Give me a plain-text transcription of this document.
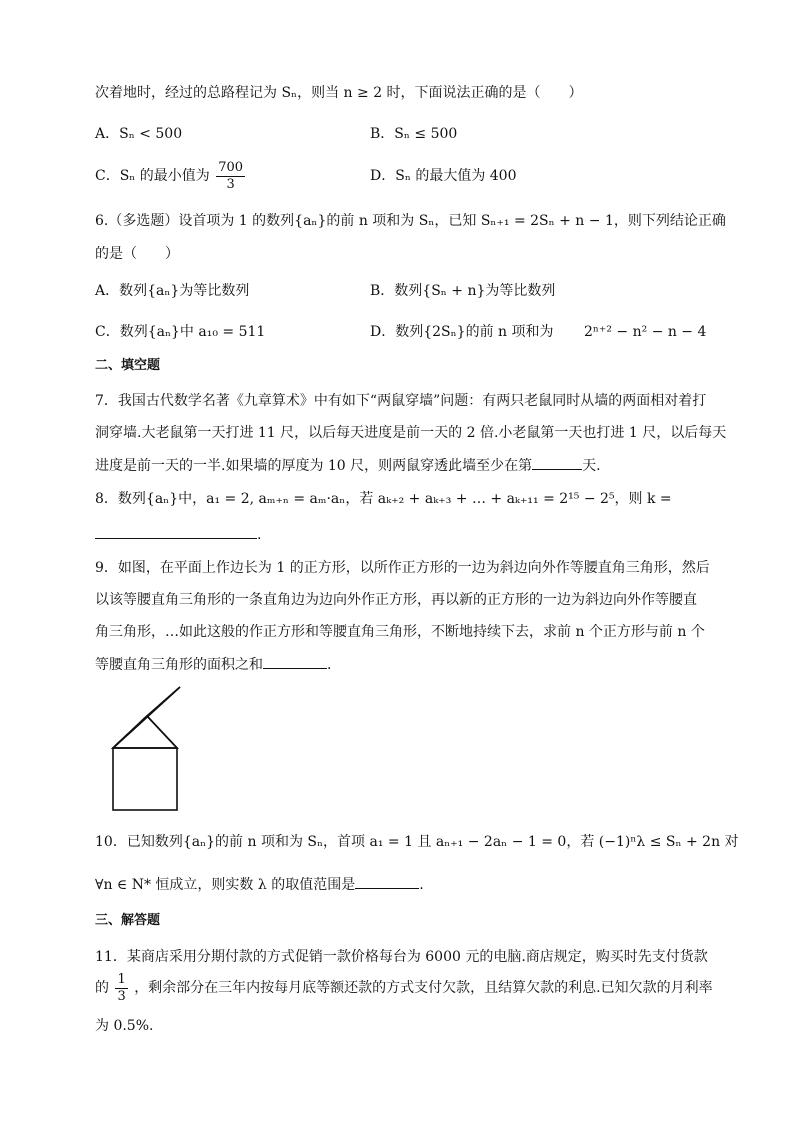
次着地时，经过的总路程记为 Sₙ，则当 n ≥ 2 时，下面说法正确的是（　　）
A．Sₙ < 500	B．Sₙ ≤ 500
C．Sₙ 的最小值为 $\frac{700}{3}$	D．Sₙ 的最大值为 400
6.（多选题）设首项为 1 的数列{aₙ}的前 n 项和为 Sₙ，已知 Sₙ₊₁ = 2Sₙ + n − 1，则下列结论正确
的是（　　）
A．数列{aₙ}为等比数列	B．数列{Sₙ + n}为等比数列
C．数列{aₙ}中 a₁₀ = 511	D．数列{2Sₙ}的前 n 项和为 2ⁿ⁺² − n² − n − 4
二、填空题
7．我国古代数学名著《九章算术》中有如下“两鼠穿墙”问题：有两只老鼠同时从墙的两面相对着打
洞穿墙.大老鼠第一天打进 11 尺，以后每天进度是前一天的 2 倍.小老鼠第一天也打进 1 尺，以后每天
进度是前一天的一半.如果墙的厚度为 10 尺，则两鼠穿透此墙至少在第	天.
8．数列{aₙ}中，a₁ = 2, aₘ₊ₙ = aₘ·aₙ，若 aₖ₊₂ + aₖ₊₃ + … + aₖ₊₁₁ = 2¹⁵ − 2⁵，则 k =
.
9．如图，在平面上作边长为 1 的正方形，以所作正方形的一边为斜边向外作等腰直角三角形，然后
以该等腰直角三角形的一条直角边为边向外作正方形，再以新的正方形的一边为斜边向外作等腰直
角三角形，…如此这般的作正方形和等腰直角三角形，不断地持续下去，求前 n 个正方形与前 n 个
等腰直角三角形的面积之和	.
10．已知数列{aₙ}的前 n 项和为 Sₙ，首项 a₁ = 1 且 aₙ₊₁ − 2aₙ − 1 = 0，若 (−1)ⁿλ ≤ Sₙ + 2n 对
∀n ∈ N* 恒成立，则实数 λ 的取值范围是	.
三、解答题
11．某商店采用分期付款的方式促销一款价格每台为 6000 元的电脑.商店规定，购买时先支付货款
的 $\frac{1}{3}$ ，剩余部分在三年内按每月底等额还款的方式支付欠款，且结算欠款的利息.已知欠款的月利率
为 0.5%.
